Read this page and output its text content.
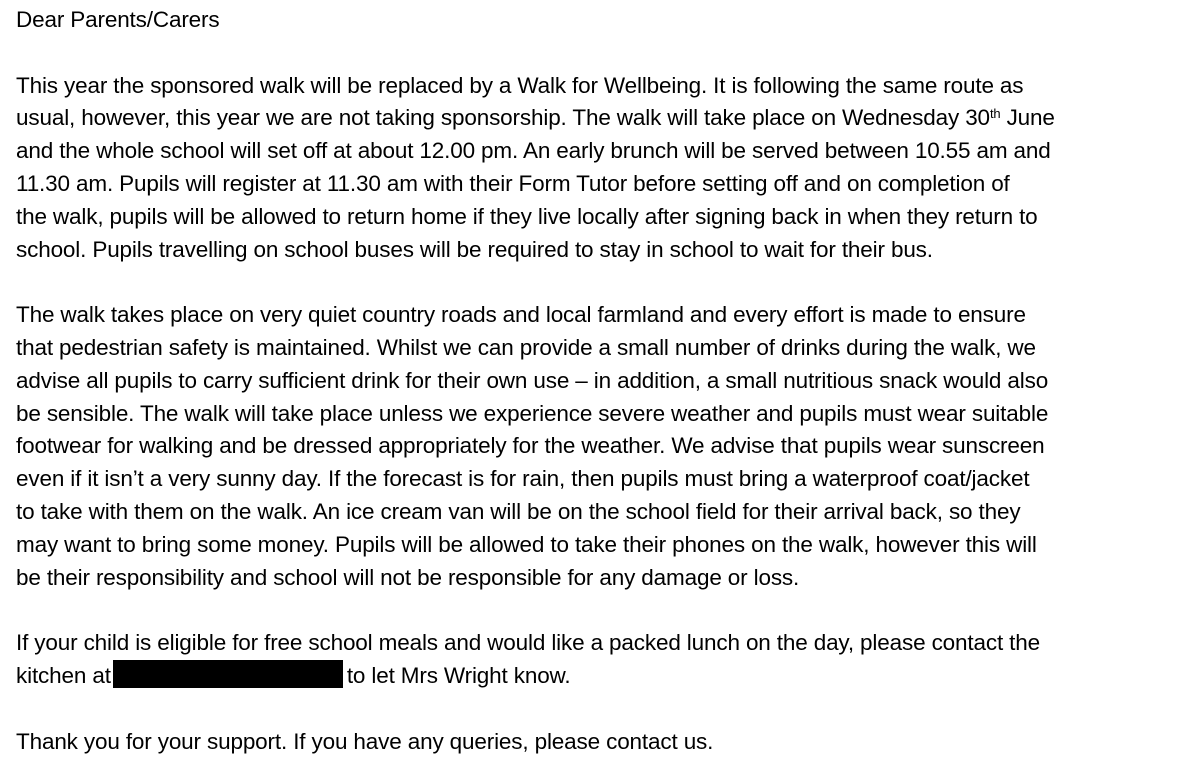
Dear Parents/Carers
This year the sponsored walk will be replaced by a Walk for Wellbeing. It is following the same route as
usual, however, this year we are not taking sponsorship. The walk will take place on Wednesday 30th June
and the whole school will set off at about 12.00 pm. An early brunch will be served between 10.55 am and
11.30 am. Pupils will register at 11.30 am with their Form Tutor before setting off and on completion of
the walk, pupils will be allowed to return home if they live locally after signing back in when they return to
school. Pupils travelling on school buses will be required to stay in school to wait for their bus.
The walk takes place on very quiet country roads and local farmland and every effort is made to ensure
that pedestrian safety is maintained. Whilst we can provide a small number of drinks during the walk, we
advise all pupils to carry sufficient drink for their own use – in addition, a small nutritious snack would also
be sensible. The walk will take place unless we experience severe weather and pupils must wear suitable
footwear for walking and be dressed appropriately for the weather. We advise that pupils wear sunscreen
even if it isn’t a very sunny day. If the forecast is for rain, then pupils must bring a waterproof coat/jacket
to take with them on the walk. An ice cream van will be on the school field for their arrival back, so they
may want to bring some money. Pupils will be allowed to take their phones on the walk, however this will
be their responsibility and school will not be responsible for any damage or loss.
If your child is eligible for free school meals and would like a packed lunch on the day, please contact the
kitchen at	to let Mrs Wright know.
Thank you for your support. If you have any queries, please contact us.
